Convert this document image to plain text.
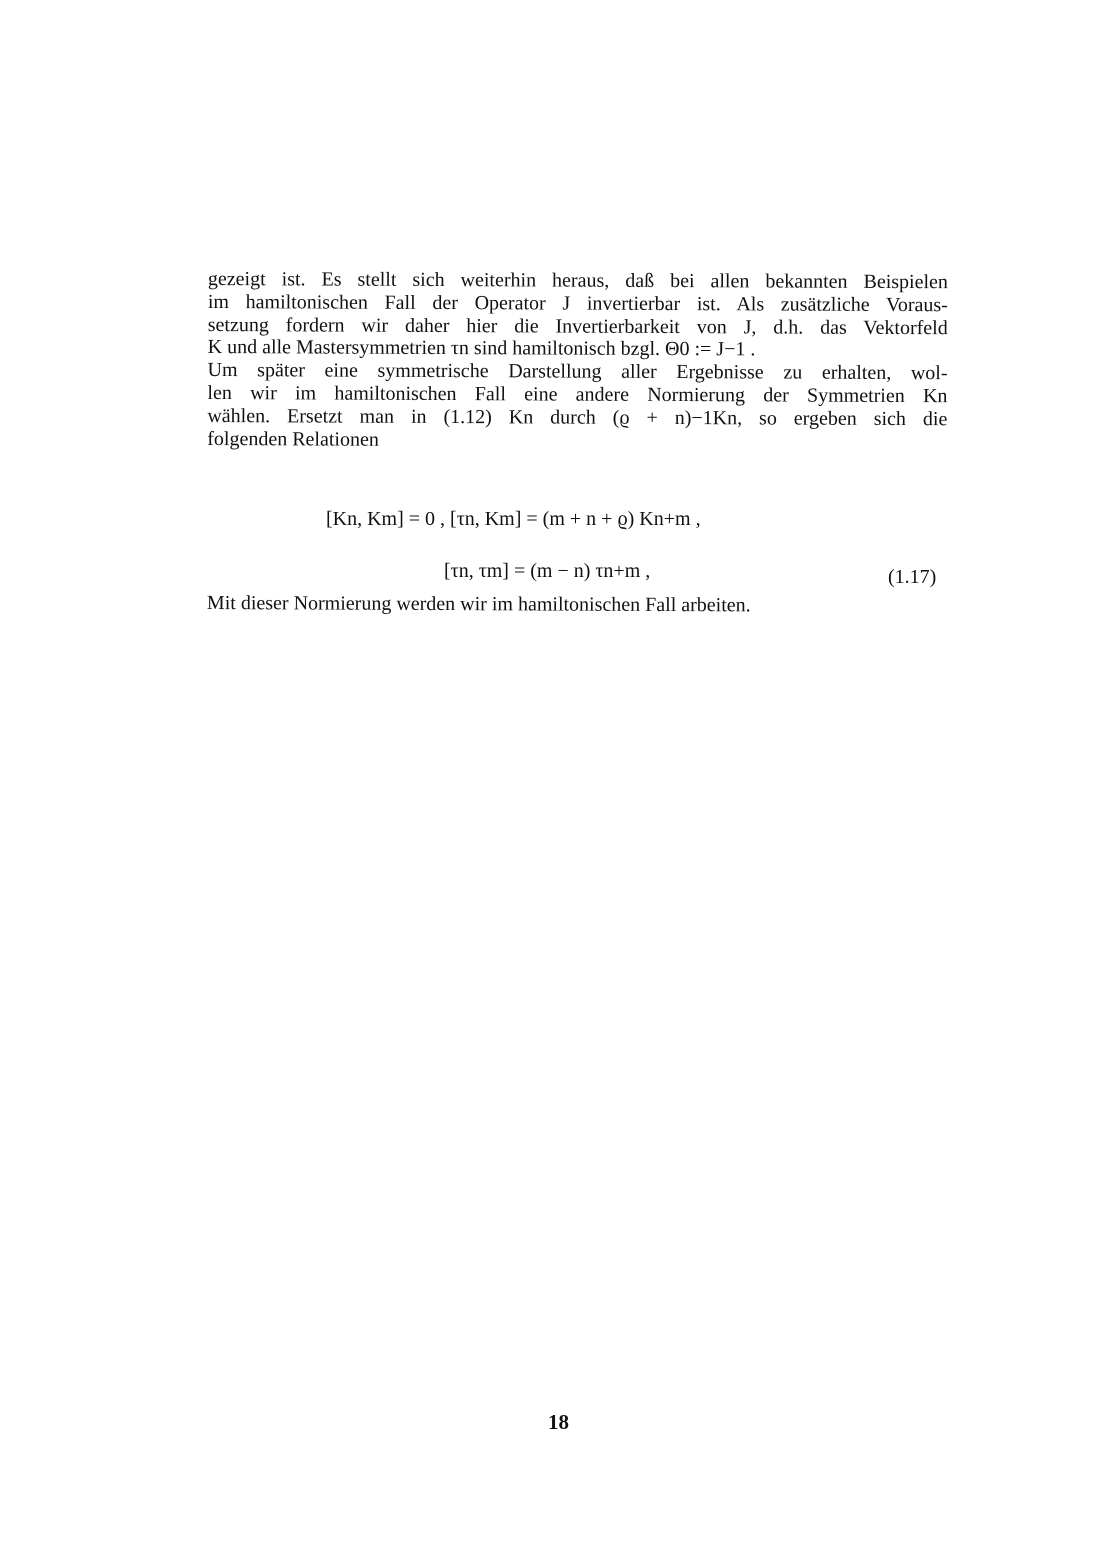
gezeigt ist. Es stellt sich weiterhin heraus, daß bei allen bekannten Beispielen
im hamiltonischen Fall der Operator J invertierbar ist. Als zusätzliche Voraus-
setzung fordern wir daher hier die Invertierbarkeit von J, d.h. das Vektorfeld
K und alle Mastersymmetrien τn sind hamiltonisch bzgl. Θ0 := J−1 .
Um später eine symmetrische Darstellung aller Ergebnisse zu erhalten, wol-
len wir im hamiltonischen Fall eine andere Normierung der Symmetrien Kn
wählen. Ersetzt man in (1.12) Kn durch (ϱ + n)−1Kn, so ergeben sich die
folgenden Relationen
[Kn, Km] = 0 , [τn, Km] = (m + n + ϱ) Kn+m ,
[τn, τm] = (m − n) τn+m ,	(1.17)
Mit dieser Normierung werden wir im hamiltonischen Fall arbeiten.
18
